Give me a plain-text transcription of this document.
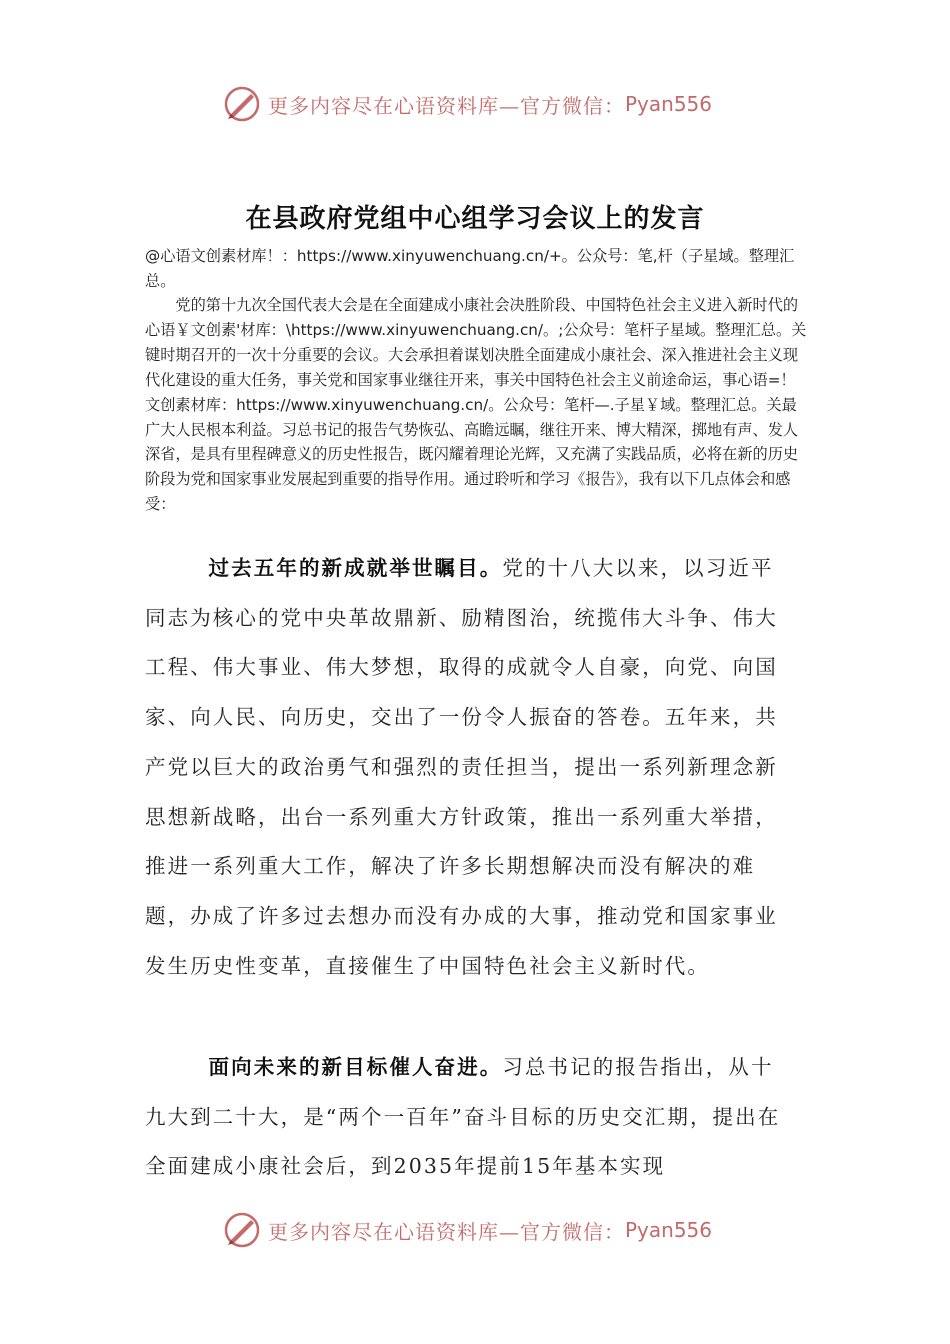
更多内容尽在心语资料库—官方微信： Pyan556
在县政府党组中心组学习会议上的发言
@心语文创素材库！：https://www.xinyuwenchuang.cn/+。公众号：笔,杆（子星域。整理汇总。
党的第十九次全国代表大会是在全面建成小康社会决胜阶段、中国特色社会主义进入新时代的心语￥文创素'材库：\https://www.xinyuwenchuang.cn/。;公众号：笔杆子星域。整理汇总。关键时期召开的一次十分重要的会议。大会承担着谋划决胜全面建成小康社会、深入推进社会主义现代化建设的重大任务，事关党和国家事业继往开来，事关中国特色社会主义前途命运，事心语=！文创素材库：https://www.xinyuwenchuang.cn/。公众号：笔杆—.子星￥域。整理汇总。关最广大人民根本利益。习总书记的报告气势恢弘、高瞻远瞩，继往开来、博大精深，掷地有声、发人深省，是具有里程碑意义的历史性报告，既闪耀着理论光辉，又充满了实践品质，必将在新的历史阶段为党和国家事业发展起到重要的指导作用。通过聆听和学习《报告》，我有以下几点体会和感受：
过去五年的新成就举世瞩目。党的十八大以来，以习近平同志为核心的党中央革故鼎新、励精图治，统揽伟大斗争、伟大工程、伟大事业、伟大梦想，取得的成就令人自豪，向党、向国家、向人民、向历史，交出了一份令人振奋的答卷。五年来，共产党以巨大的政治勇气和强烈的责任担当，提出一系列新理念新思想新战略，出台一系列重大方针政策，推出一系列重大举措，推进一系列重大工作，解决了许多长期想解决而没有解决的难题，办成了许多过去想办而没有办成的大事，推动党和国家事业发生历史性变革，直接催生了中国特色社会主义新时代。
面向未来的新目标催人奋进。习总书记的报告指出，从十九大到二十大，是“两个一百年”奋斗目标的历史交汇期，提出在全面建成小康社会后，到2035年提前15年基本实现
更多内容尽在心语资料库—官方微信： Pyan556
